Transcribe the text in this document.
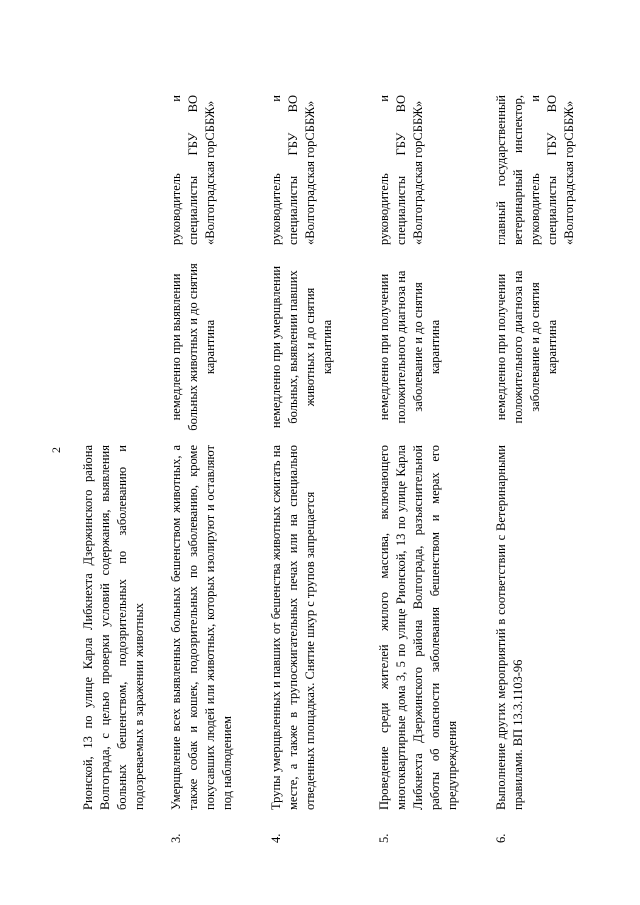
2 Рионской, 13 по улице Карла Либкнехта Дзержинского района Волгограда, с целью проверки условий содержания, выявления больных бешенством, подозрительных по заболеванию и подозреваемых в заражении животных
3.
Умерщвление всех выявленных больных бешенством животных, а также собак и кошек, подозрительных по заболеванию, кроме покусавших людей или животных, которых изолируют и оставляют под наблюдением
немедленно при выявлении больных животных и до снятия карантина
руководитель и специалисты ГБУ ВО «Волгоградская горСББЖ»
4.
Трупы умерщвленных и павших от бешенства животных сжигать на месте, а также в трупосжигательных печах или на специально отведенных площадках. Снятие шкур с трупов запрещается
немедленно при умерщвлении больных, выявлении павших животных и до снятия карантина
руководитель и специалисты ГБУ ВО «Волгоградская горСББЖ»
5.
Проведение среди жителей жилого массива, включающего многоквартирные дома 3, 5 по улице Рионской, 13 по улице Карла Либкнехта Дзержинского района Волгограда, разъяснительной работы об опасности заболевания бешенством и мерах его предупреждения
немедленно при получении положительного диагноза на заболевание и до снятия карантина
руководитель и специалисты ГБУ ВО «Волгоградская горСББЖ»
6.
Выполнение других мероприятий в соответствии с Ветеринарными правилами. ВП 13.3.1103-96
немедленно при получении положительного диагноза на заболевание и до снятия карантина
главный государственный ветеринарный инспектор, руководитель и специалисты ГБУ ВО «Волгоградская горСББЖ»
